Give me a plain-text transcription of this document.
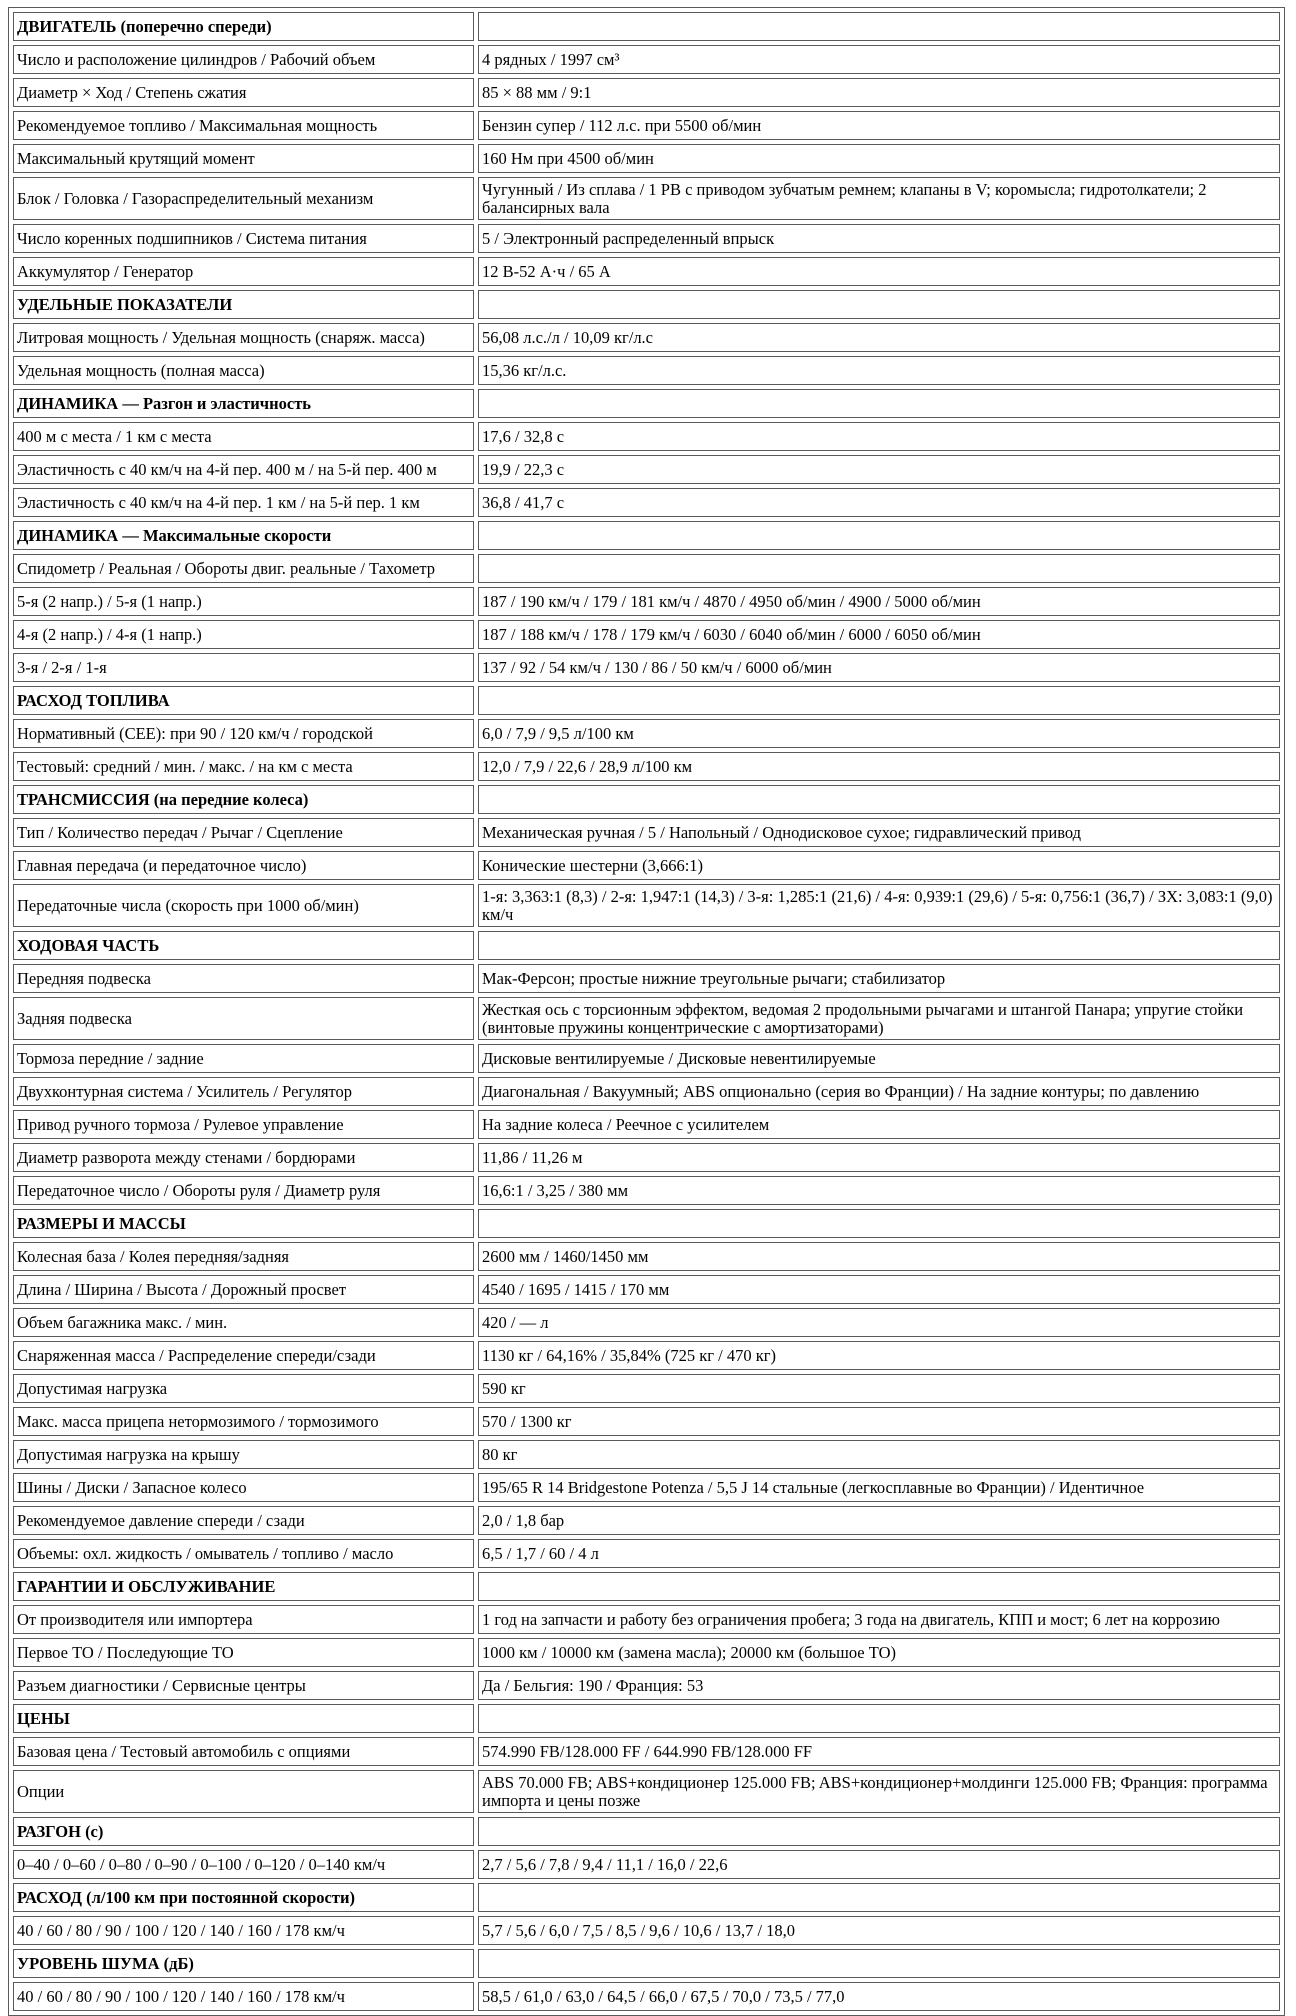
ДВИГАТЕЛЬ (поперечно спереди)	
Число и расположение цилиндров / Рабочий объем	4 рядных / 1997 см³
Диаметр × Ход / Степень сжатия	85 × 88 мм / 9:1
Рекомендуемое топливо / Максимальная мощность	Бензин супер / 112 л.с. при 5500 об/мин
Максимальный крутящий момент	160 Нм при 4500 об/мин
Блок / Головка / Газораспределительный механизм	Чугунный / Из сплава / 1 РВ с приводом зубчатым ремнем; клапаны в V; коромысла; гидротолкатели; 2 балансирных вала
Число коренных подшипников / Система питания	5 / Электронный распределенный впрыск
Аккумулятор / Генератор	12 В-52 А·ч / 65 А
УДЕЛЬНЫЕ ПОКАЗАТЕЛИ	
Литровая мощность / Удельная мощность (снаряж. масса)	56,08 л.с./л / 10,09 кг/л.с
Удельная мощность (полная масса)	15,36 кг/л.с.
ДИНАМИКА — Разгон и эластичность	
400 м с места / 1 км с места	17,6 / 32,8 с
Эластичность с 40 км/ч на 4-й пер. 400 м / на 5-й пер. 400 м	19,9 / 22,3 с
Эластичность с 40 км/ч на 4-й пер. 1 км / на 5-й пер. 1 км	36,8 / 41,7 с
ДИНАМИКА — Максимальные скорости	
Спидометр / Реальная / Обороты двиг. реальные / Тахометр	
5-я (2 напр.) / 5-я (1 напр.)	187 / 190 км/ч / 179 / 181 км/ч / 4870 / 4950 об/мин / 4900 / 5000 об/мин
4-я (2 напр.) / 4-я (1 напр.)	187 / 188 км/ч / 178 / 179 км/ч / 6030 / 6040 об/мин / 6000 / 6050 об/мин
3-я / 2-я / 1-я	137 / 92 / 54 км/ч / 130 / 86 / 50 км/ч / 6000 об/мин
РАСХОД ТОПЛИВА	
Нормативный (CEE): при 90 / 120 км/ч / городской	6,0 / 7,9 / 9,5 л/100 км
Тестовый: средний / мин. / макс. / на км с места	12,0 / 7,9 / 22,6 / 28,9 л/100 км
ТРАНСМИССИЯ (на передние колеса)	
Тип / Количество передач / Рычаг / Сцепление	Механическая ручная / 5 / Напольный / Однодисковое сухое; гидравлический привод
Главная передача (и передаточное число)	Конические шестерни (3,666:1)
Передаточные числа (скорость при 1000 об/мин)	1-я: 3,363:1 (8,3) / 2-я: 1,947:1 (14,3) / 3-я: 1,285:1 (21,6) / 4-я: 0,939:1 (29,6) / 5-я: 0,756:1 (36,7) / ЗХ: 3,083:1 (9,0) км/ч
ХОДОВАЯ ЧАСТЬ	
Передняя подвеска	Мак-Ферсон; простые нижние треугольные рычаги; стабилизатор
Задняя подвеска	Жесткая ось с торсионным эффектом, ведомая 2 продольными рычагами и штангой Панара; упругие стойки (винтовые пружины концентрические с амортизаторами)
Тормоза передние / задние	Дисковые вентилируемые / Дисковые невентилируемые
Двухконтурная система / Усилитель / Регулятор	Диагональная / Вакуумный; ABS опционально (серия во Франции) / На задние контуры; по давлению
Привод ручного тормоза / Рулевое управление	На задние колеса / Реечное с усилителем
Диаметр разворота между стенами / бордюрами	11,86 / 11,26 м
Передаточное число / Обороты руля / Диаметр руля	16,6:1 / 3,25 / 380 мм
РАЗМЕРЫ И МАССЫ	
Колесная база / Колея передняя/задняя	2600 мм / 1460/1450 мм
Длина / Ширина / Высота / Дорожный просвет	4540 / 1695 / 1415 / 170 мм
Объем багажника макс. / мин.	420 / — л
Снаряженная масса / Распределение спереди/сзади	1130 кг / 64,16% / 35,84% (725 кг / 470 кг)
Допустимая нагрузка	590 кг
Макс. масса прицепа нетормозимого / тормозимого	570 / 1300 кг
Допустимая нагрузка на крышу	80 кг
Шины / Диски / Запасное колесо	195/65 R 14 Bridgestone Potenza / 5,5 J 14 стальные (легкосплавные во Франции) / Идентичное
Рекомендуемое давление спереди / сзади	2,0 / 1,8 бар
Объемы: охл. жидкость / омыватель / топливо / масло	6,5 / 1,7 / 60 / 4 л
ГАРАНТИИ И ОБСЛУЖИВАНИЕ	
От производителя или импортера	1 год на запчасти и работу без ограничения пробега; 3 года на двигатель, КПП и мост; 6 лет на коррозию
Первое ТО / Последующие ТО	1000 км / 10000 км (замена масла); 20000 км (большое ТО)
Разъем диагностики / Сервисные центры	Да / Бельгия: 190 / Франция: 53
ЦЕНЫ	
Базовая цена / Тестовый автомобиль с опциями	574.990 FB/128.000 FF / 644.990 FB/128.000 FF
Опции	ABS 70.000 FB; ABS+кондиционер 125.000 FB; ABS+кондиционер+молдинги 125.000 FB; Франция: программа импорта и цены позже
РАЗГОН (с)	
0–40 / 0–60 / 0–80 / 0–90 / 0–100 / 0–120 / 0–140 км/ч	2,7 / 5,6 / 7,8 / 9,4 / 11,1 / 16,0 / 22,6
РАСХОД (л/100 км при постоянной скорости)	
40 / 60 / 80 / 90 / 100 / 120 / 140 / 160 / 178 км/ч	5,7 / 5,6 / 6,0 / 7,5 / 8,5 / 9,6 / 10,6 / 13,7 / 18,0
УРОВЕНЬ ШУМА (дБ)	
40 / 60 / 80 / 90 / 100 / 120 / 140 / 160 / 178 км/ч	58,5 / 61,0 / 63,0 / 64,5 / 66,0 / 67,5 / 70,0 / 73,5 / 77,0
